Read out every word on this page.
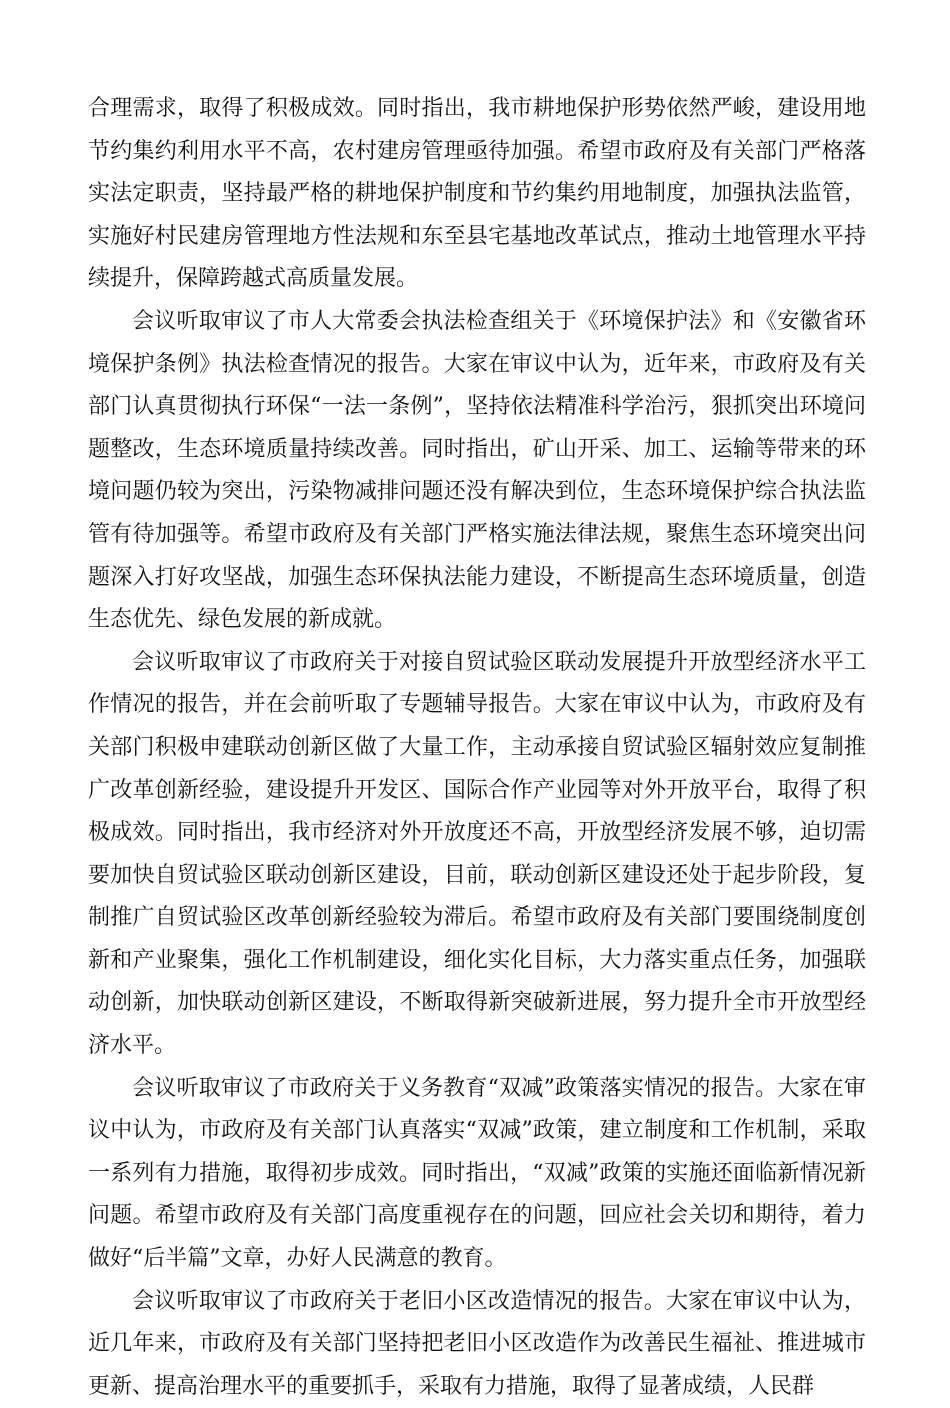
合理需求，取得了积极成效。同时指出，我市耕地保护形势依然严峻，建设用地节约集约利用水平不高，农村建房管理亟待加强。希望市政府及有关部门严格落实法定职责，坚持最严格的耕地保护制度和节约集约用地制度，加强执法监管，实施好村民建房管理地方性法规和东至县宅基地改革试点，推动土地管理水平持续提升，保障跨越式高质量发展。

会议听取审议了市人大常委会执法检查组关于《环境保护法》和《安徽省环境保护条例》执法检查情况的报告。大家在审议中认为，近年来，市政府及有关部门认真贯彻执行环保“一法一条例”，坚持依法精准科学治污，狠抓突出环境问题整改，生态环境质量持续改善。同时指出，矿山开采、加工、运输等带来的环境问题仍较为突出，污染物减排问题还没有解决到位，生态环境保护综合执法监管有待加强等。希望市政府及有关部门严格实施法律法规，聚焦生态环境突出问题深入打好攻坚战，加强生态环保执法能力建设，不断提高生态环境质量，创造生态优先、绿色发展的新成就。

会议听取审议了市政府关于对接自贸试验区联动发展提升开放型经济水平工作情况的报告，并在会前听取了专题辅导报告。大家在审议中认为，市政府及有关部门积极申建联动创新区做了大量工作，主动承接自贸试验区辐射效应复制推广改革创新经验，建设提升开发区、国际合作产业园等对外开放平台，取得了积极成效。同时指出，我市经济对外开放度还不高，开放型经济发展不够，迫切需要加快自贸试验区联动创新区建设，目前，联动创新区建设还处于起步阶段，复制推广自贸试验区改革创新经验较为滞后。希望市政府及有关部门要围绕制度创新和产业聚集，强化工作机制建设，细化实化目标，大力落实重点任务，加强联动创新，加快联动创新区建设，不断取得新突破新进展，努力提升全市开放型经济水平。

会议听取审议了市政府关于义务教育“双减”政策落实情况的报告。大家在审议中认为，市政府及有关部门认真落实“双减”政策，建立制度和工作机制，采取一系列有力措施，取得初步成效。同时指出，“双减”政策的实施还面临新情况新问题。希望市政府及有关部门高度重视存在的问题，回应社会关切和期待，着力做好“后半篇”文章，办好人民满意的教育。

会议听取审议了市政府关于老旧小区改造情况的报告。大家在审议中认为，近几年来，市政府及有关部门坚持把老旧小区改造作为改善民生福祉、推进城市更新、提高治理水平的重要抓手，采取有力措施，取得了显著成绩，人民群
